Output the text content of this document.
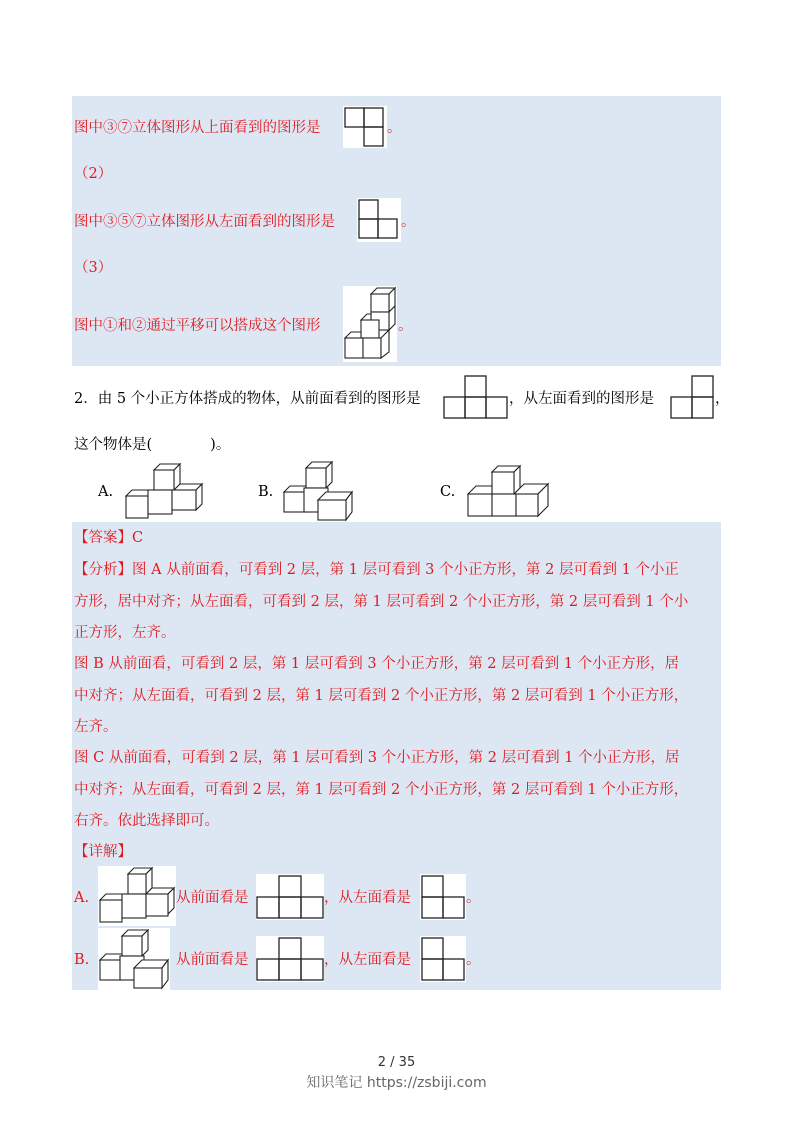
图中③⑦立体图形从上面看到的图形是	。
（2）
图中③⑤⑦立体图形从左面看到的图形是	。
（3）
图中①和②通过平移可以搭成这个图形	。
2．由 5 个小正方体搭成的物体，从前面看到的图形是	，从左面看到的图形是	，
这个物体是(　　　　)。
A.	B.	C.
【答案】C
【分析】图 A 从前面看，可看到 2 层，第 1 层可看到 3 个小正方形，第 2 层可看到 1 个小正
方形，居中对齐；从左面看，可看到 2 层，第 1 层可看到 2 个小正方形，第 2 层可看到 1 个小
正方形，左齐。
图 B 从前面看，可看到 2 层，第 1 层可看到 3 个小正方形，第 2 层可看到 1 个小正方形，居
中对齐；从左面看，可看到 2 层，第 1 层可看到 2 个小正方形，第 2 层可看到 1 个小正方形，
左齐。
图 C 从前面看，可看到 2 层，第 1 层可看到 3 个小正方形，第 2 层可看到 1 个小正方形，居
中对齐；从左面看，可看到 2 层，第 1 层可看到 2 个小正方形，第 2 层可看到 1 个小正方形，
右齐。依此选择即可。
【详解】
A.	从前面看是	，从左面看是	。
B.	从前面看是	，从左面看是	。
2 / 35
知识笔记 https://zsbiji.com
